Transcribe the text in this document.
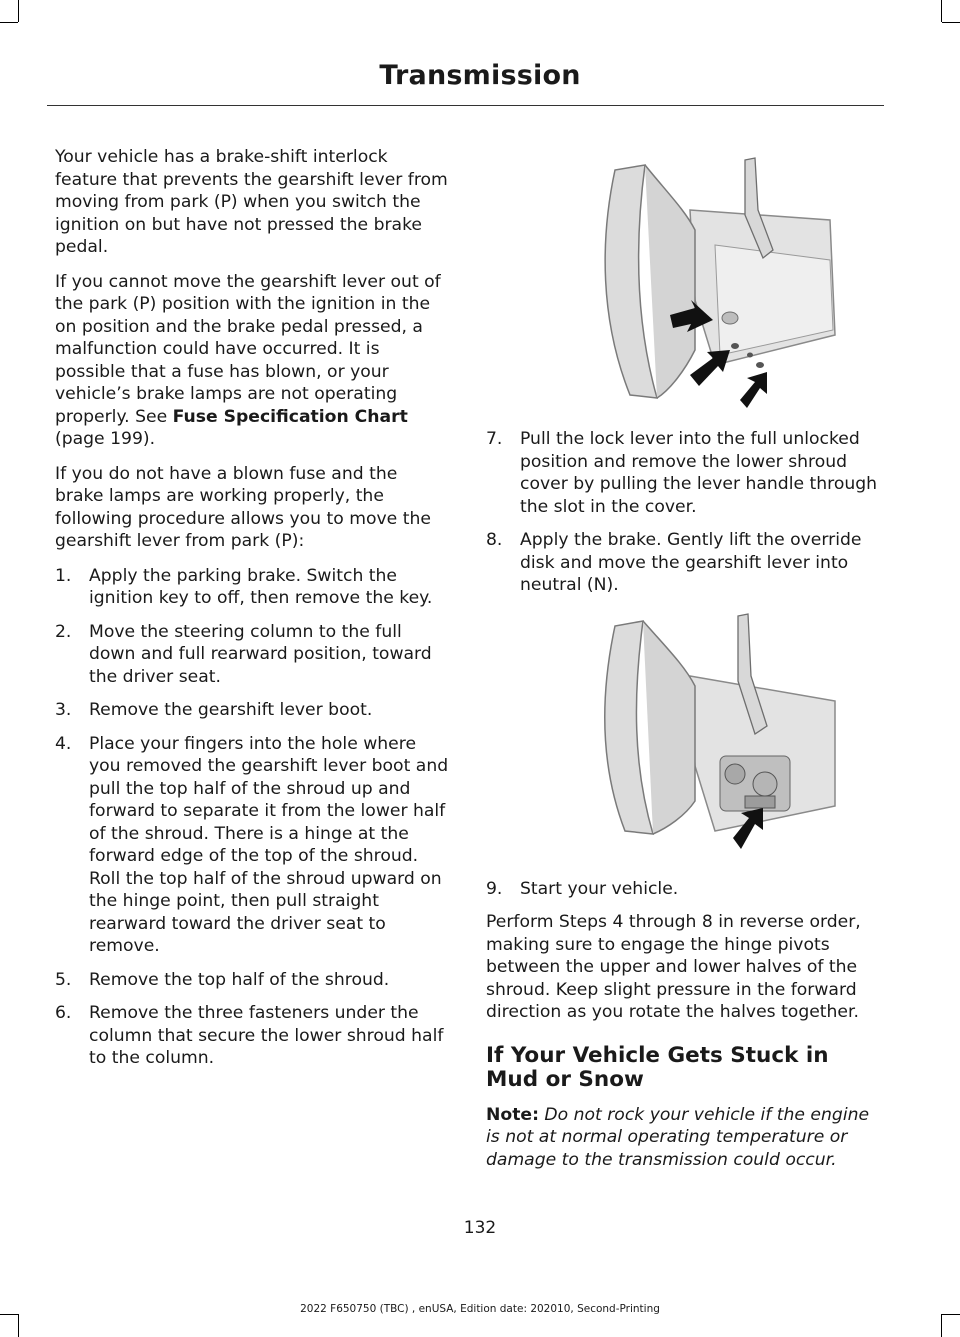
Transmission

Your vehicle has a brake-shift interlock feature that prevents the gearshift lever from moving from park (P) when you switch the ignition on but have not pressed the brake pedal.

If you cannot move the gearshift lever out of the park (P) position with the ignition in the on position and the brake pedal pressed, a malfunction could have occurred. It is possible that a fuse has blown, or your vehicle’s brake lamps are not operating properly. See Fuse Specification Chart (page 199).

If you do not have a blown fuse and the brake lamps are working properly, the following procedure allows you to move the gearshift lever from park (P):

1. Apply the parking brake. Switch the ignition key to off, then remove the key.
2. Move the steering column to the full down and full rearward position, toward the driver seat.
3. Remove the gearshift lever boot.
4. Place your fingers into the hole where you removed the gearshift lever boot and pull the top half of the shroud up and forward to separate it from the lower half of the shroud. There is a hinge at the forward edge of the top of the shroud. Roll the top half of the shroud upward on the hinge point, then pull straight rearward toward the driver seat to remove.
5. Remove the top half of the shroud.
6. Remove the three fasteners under the column that secure the lower shroud half to the column.
7. Pull the lock lever into the full unlocked position and remove the lower shroud cover by pulling the lever handle through the slot in the cover.
8. Apply the brake. Gently lift the override disk and move the gearshift lever into neutral (N).
9. Start your vehicle.

Perform Steps 4 through 8 in reverse order, making sure to engage the hinge pivots between the upper and lower halves of the shroud. Keep slight pressure in the forward direction as you rotate the halves together.

If Your Vehicle Gets Stuck in Mud or Snow

Note: Do not rock your vehicle if the engine is not at normal operating temperature or damage to the transmission could occur.

132
2022 F650750 (TBC) , enUSA, Edition date: 202010, Second-Printing
